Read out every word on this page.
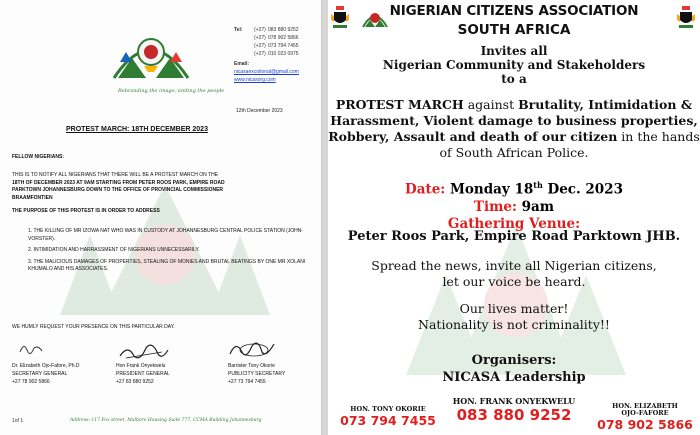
NICASA
Rebranding the image, uniting the people
Tel: (+27) 083 880 9252
(+27) 078 902 5866
(+27) 073 794 7455
(+27) 010 023 0975
Email:
nicasaexcotional@gmail.com
www.nicasorg.com
12th December 2023
PROTEST MARCH: 18TH DECEMBER 2023
FELLOW NIGERIANS:
THIS IS TO NOTIFY ALL NIGERIANS THAT THERE WILL BE A PROTEST MARCH ON THE
18TH OF DECEMBER 2023 AT 9AM STARTING FROM PETER ROOS PARK, EMPIRE ROAD
PARKTOWN JOHANNESBURG DOWN TO THE OFFICE OF PROVINCIAL COMMISSIONER
BRAAMFONTIEN
THE PURPOSE OF THIS PROTEST IS IN ORDER TO ADDRESS
1. THE KILLING OF MR IZOWA NAT WHO WAS IN CUSTODY AT JOHANNESBURG CENTRAL POLICE STATION (JOHN-VORSTER).
2. INTIMIDATION AND HARRASSMENT OF NIGERIANS UNNECESSARILY.
3. THE MALICIOUS DAMAGES OF PROPERTIES, STEALING OF MONIES AND BRUTAL BEATINGS BY ONE MR XOLANI KHUMALO AND HIS ASSOCIATES.
WE HUMLY REQUEST YOUR PRESENCE ON THIS PARTICULAR DAY.
Dr. Elizabeth Ojo-Fafore, Ph.D
SECRETARY GENERAL
+27 78 902 5866
Hon Frank Onyekwelu
PRESIDENT GENERAL
+27 83 880 9252
Barrister Tony Okorie
PUBLICITY SECRETARY
+27 73 794 7455
1of 1	Address: 117 Fox street, Malboro Housing Suite 777, CCMA Building Johannesburg
NIGERIAN CITIZENS ASSOCIATION
SOUTH AFRICA
Invites all
Nigerian Community and Stakeholders
to a
PROTEST MARCH against Brutality, Intimidation &
Harassment, Violent damage to business properties,
Robbery, Assault and death of our citizen in the hands
of South African Police.
Date: Monday 18th Dec. 2023
Time: 9am
Gathering Venue:
Peter Roos Park, Empire Road Parktown JHB.
Spread the news, invite all Nigerian citizens,
let our voice be heard.
Our lives matter!
Nationality is not criminality!!
Organisers:
NICASA Leadership
HON. TONY OKORIE
073 794 7455
HON. FRANK ONYEKWELU
083 880 9252	HON. ELIZABETH OJO-FAFORE
078 902 5866
